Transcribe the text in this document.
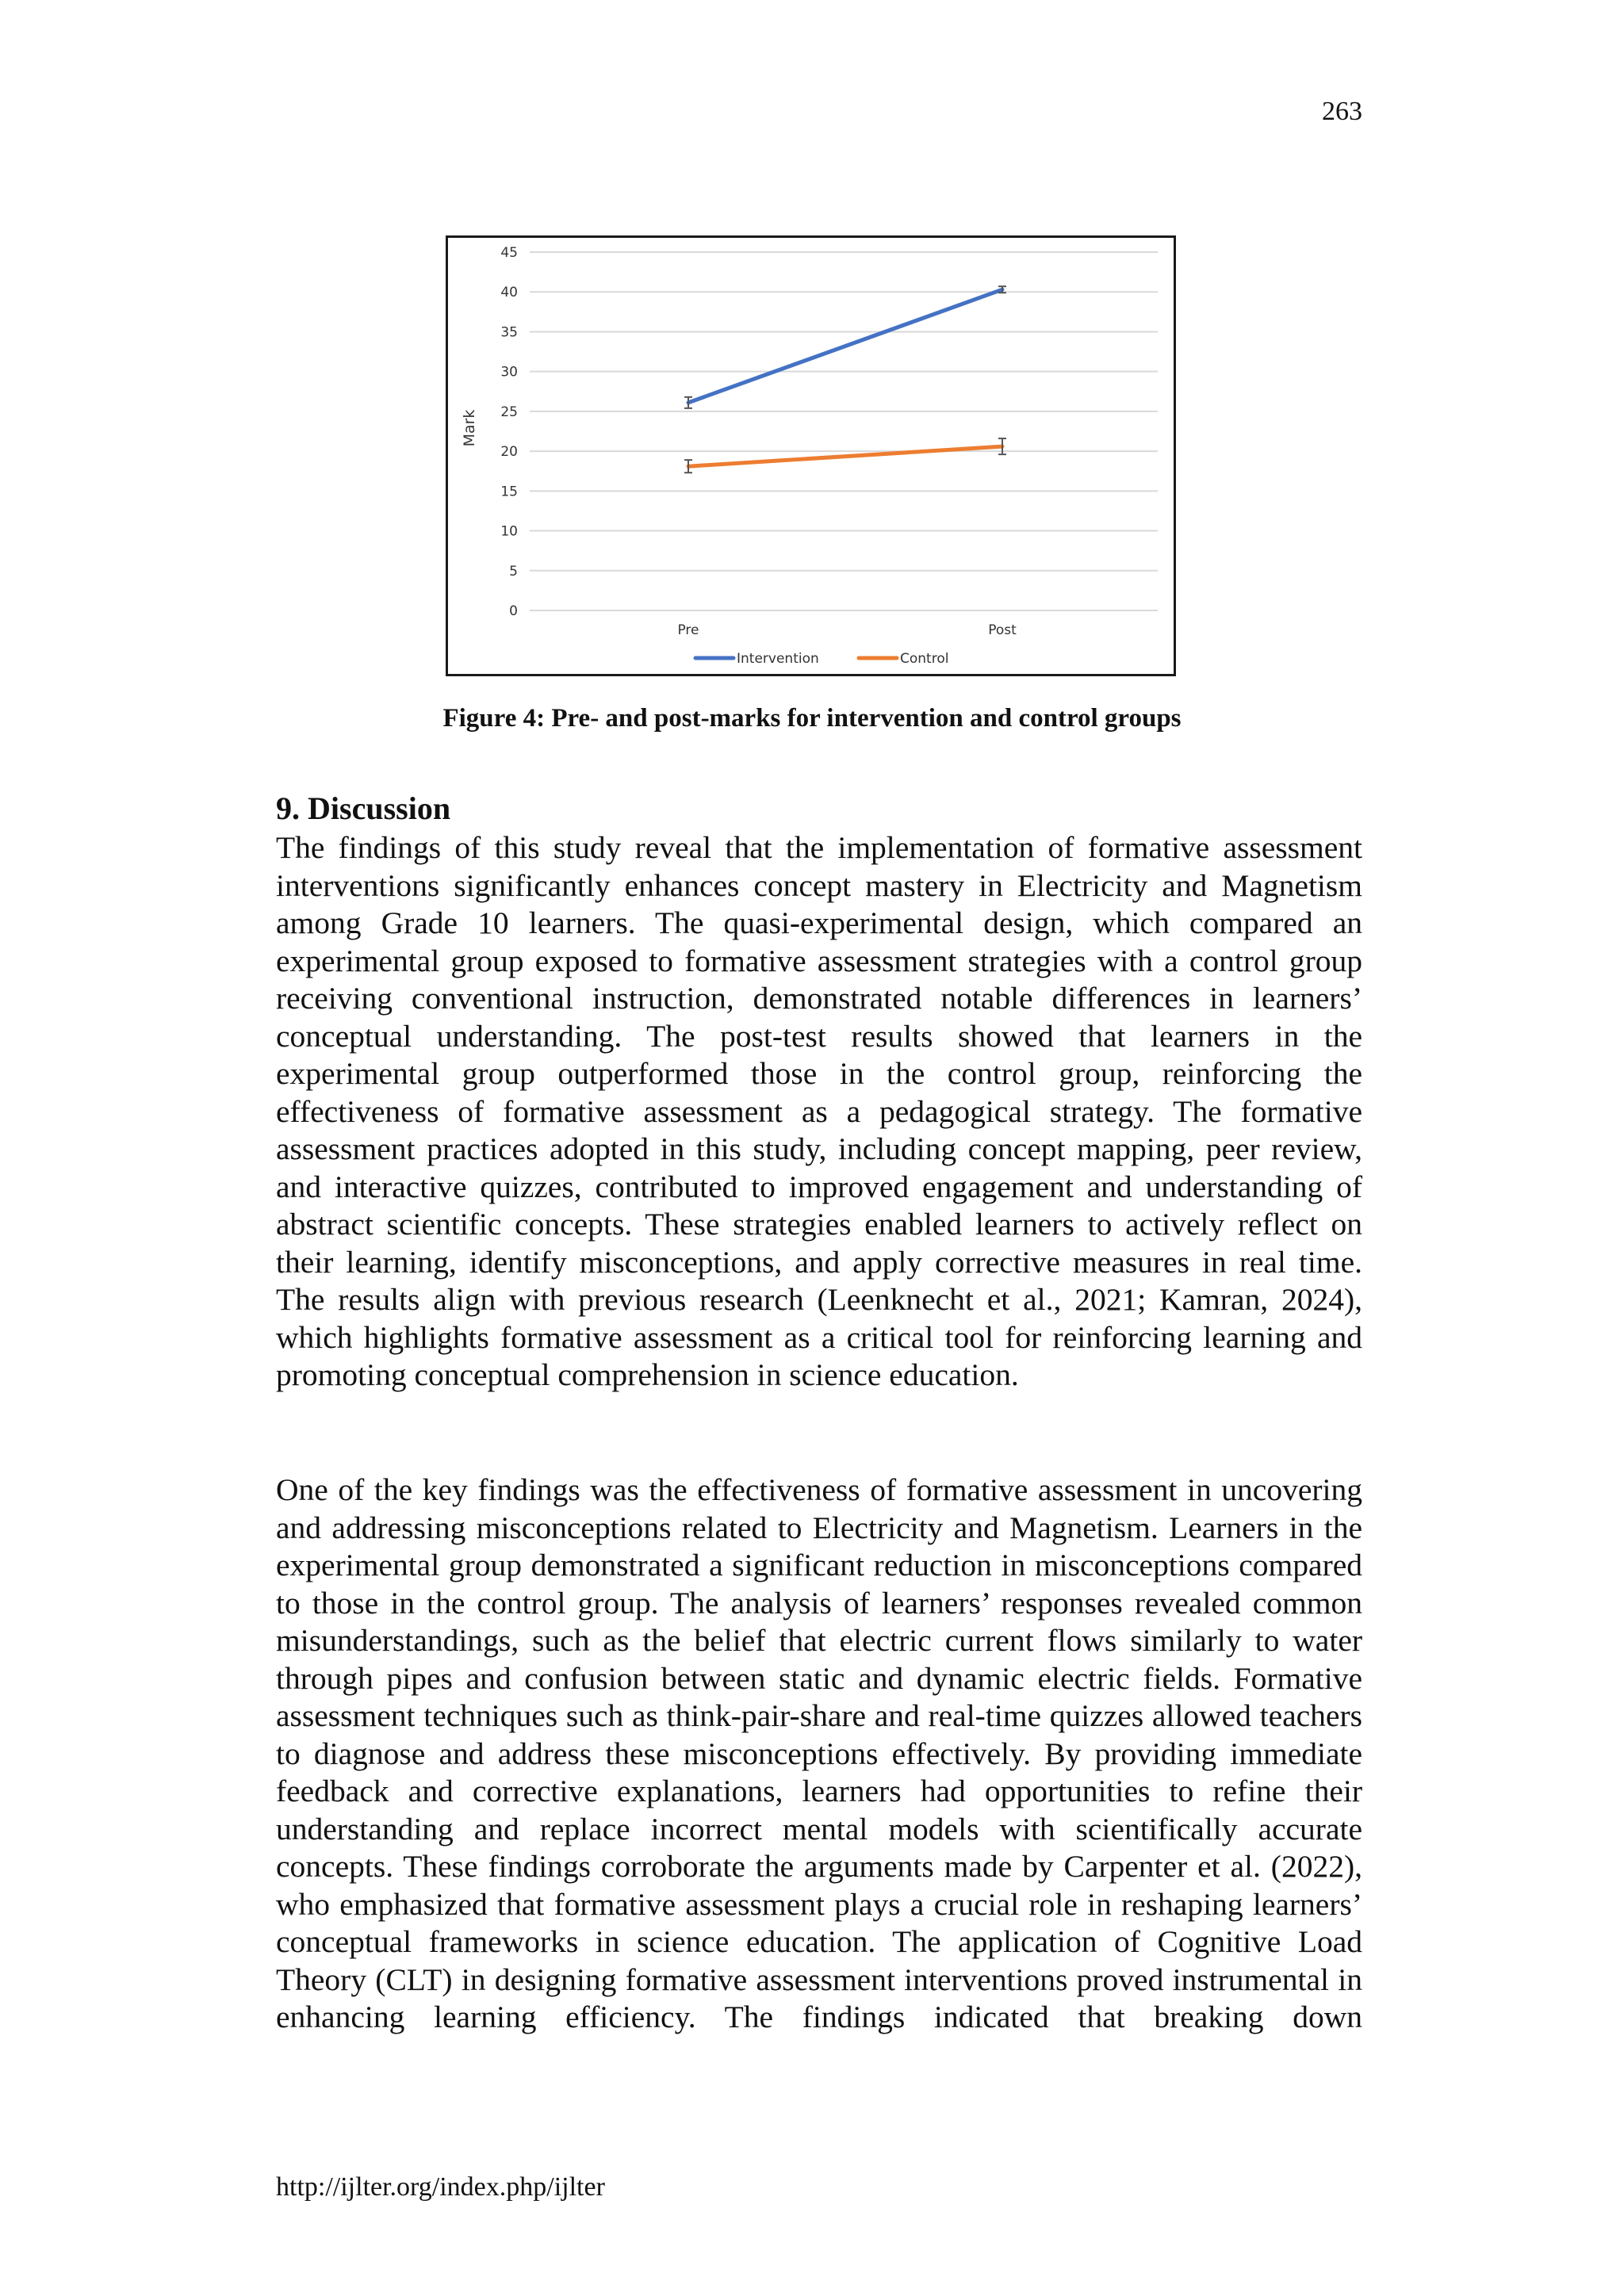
263
0
5
10
15
20
25
30
35
40
45
Mark
Pre	Post
Intervention	Control
Figure 4: Pre- and post-marks for intervention and control groups
9. Discussion

The findings of this study reveal that the implementation of formative assessment interventions significantly enhances concept mastery in Electricity and Magnetism among Grade 10 learners. The quasi-experimental design, which compared an experimental group exposed to formative assessment strategies with a control group receiving conventional instruction, demonstrated notable differences in learners’ conceptual understanding. The post-test results showed that learners in the experimental group outperformed those in the control group, reinforcing the effectiveness of formative assessment as a pedagogical strategy. The formative assessment practices adopted in this study, including concept mapping, peer review, and interactive quizzes, contributed to improved engagement and understanding of abstract scientific concepts. These strategies enabled learners to actively reflect on their learning, identify misconceptions, and apply corrective measures in real time. The results align with previous research (Leenknecht et al., 2021; Kamran, 2024), which highlights formative assessment as a critical tool for reinforcing learning and promoting conceptual comprehension in science education.

One of the key findings was the effectiveness of formative assessment in uncovering and addressing misconceptions related to Electricity and Magnetism. Learners in the experimental group demonstrated a significant reduction in misconceptions compared to those in the control group. The analysis of learners’ responses revealed common misunderstandings, such as the belief that electric current flows similarly to water through pipes and confusion between static and dynamic electric fields. Formative assessment techniques such as think-pair-share and real-time quizzes allowed teachers to diagnose and address these misconceptions effectively. By providing immediate feedback and corrective explanations, learners had opportunities to refine their understanding and replace incorrect mental models with scientifically accurate concepts. These findings corroborate the arguments made by Carpenter et al. (2022), who emphasized that formative assessment plays a crucial role in reshaping learners’ conceptual frameworks in science education. The application of Cognitive Load Theory (CLT) in designing formative assessment interventions proved instrumental in enhancing learning efficiency. The findings indicated that breaking down

http://ijlter.org/index.php/ijlter
